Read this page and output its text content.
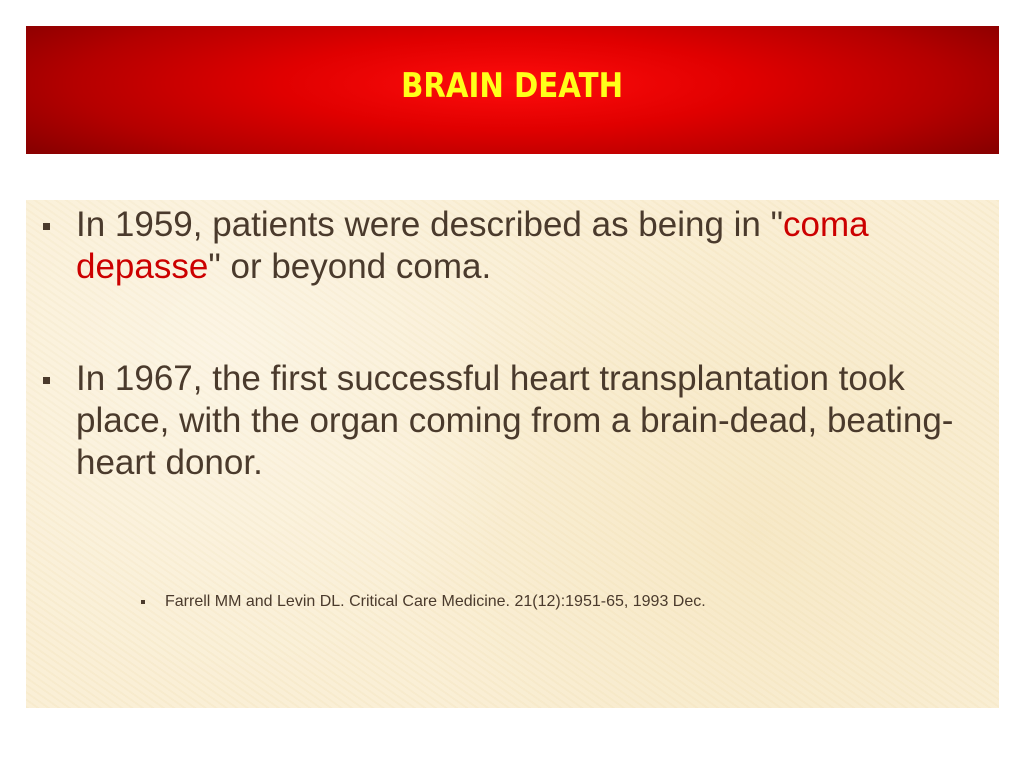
BRAIN DEATH
In 1959, patients were described as being in "coma depasse" or beyond coma.
In 1967, the first successful heart transplantation took place, with the organ coming from a brain-dead, beating-heart donor.
Farrell MM and Levin DL. Critical Care Medicine. 21(12):1951-65, 1993 Dec.
